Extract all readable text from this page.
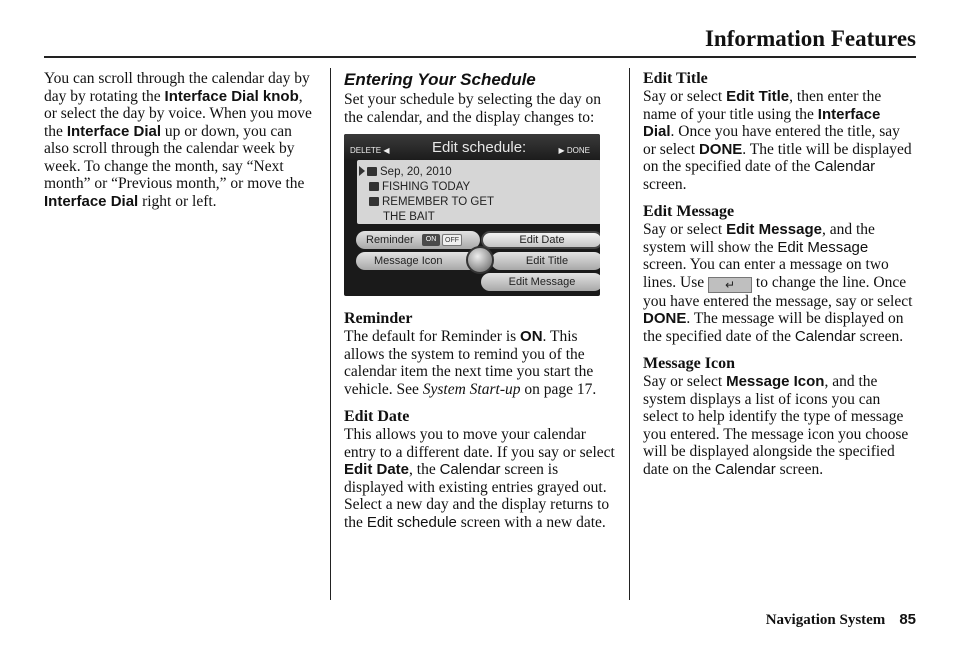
Information Features

You can scroll through the calendar day by day by rotating the Interface Dial knob, or select the day by voice. When you move the Interface Dial up or down, you can also scroll through the calendar week by week. To change the month, say “Next month” or “Previous month,” or move the Interface Dial right or left.

Entering Your Schedule

Set your schedule by selecting the day on the calendar, and the display changes to:

DELETE ◀	Edit schedule:	▶ DONE
Sep, 20, 2010
FISHING TODAY
REMEMBER TO GET
THE BAIT
Reminder	ON	OFF
Message Icon
Edit Date
Edit Title
Edit Message
Reminder

The default for Reminder is ON. This allows the system to remind you of the calendar item the next time you start the vehicle. See System Start-up on page 17.

Edit Date

This allows you to move your calendar entry to a different date. If you say or select Edit Date, the Calendar screen is displayed with existing entries grayed out. Select a new day and the display returns to the Edit schedule screen with a new date.

Edit Title

Say or select Edit Title, then enter the name of your title using the Interface Dial. Once you have entered the title, say or select DONE. The title will be displayed on the specified date of the Calendar screen.

Edit Message

Say or select Edit Message, and the system will show the Edit Message screen. You can enter a message on two lines. Use ↵ to change the line. Once you have entered the message, say or select DONE. The message will be displayed on the specified date of the Calendar screen.

Message Icon

Say or select Message Icon, and the system displays a list of icons you can select to help identify the type of message you entered. The message icon you choose will be displayed alongside the specified date on the Calendar screen.

Navigation System 85
